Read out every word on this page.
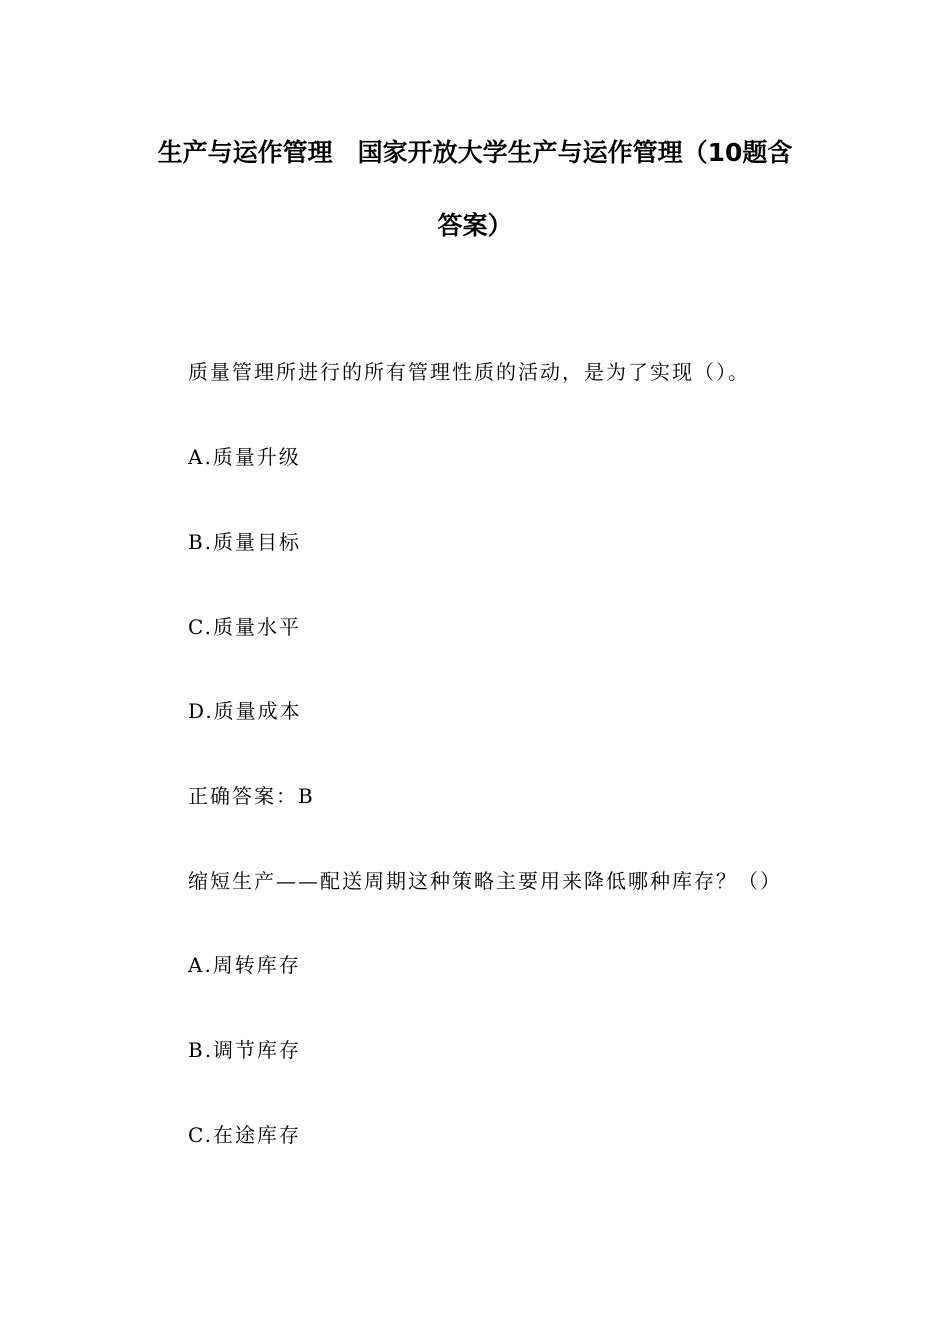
生产与运作管理　国家开放大学生产与运作管理（10题含
答案）
质量管理所进行的所有管理性质的活动，是为了实现（）。
A.质量升级
B.质量目标
C.质量水平
D.质量成本
正确答案：B
缩短生产——配送周期这种策略主要用来降低哪种库存？（）
A.周转库存
B.调节库存
C.在途库存
